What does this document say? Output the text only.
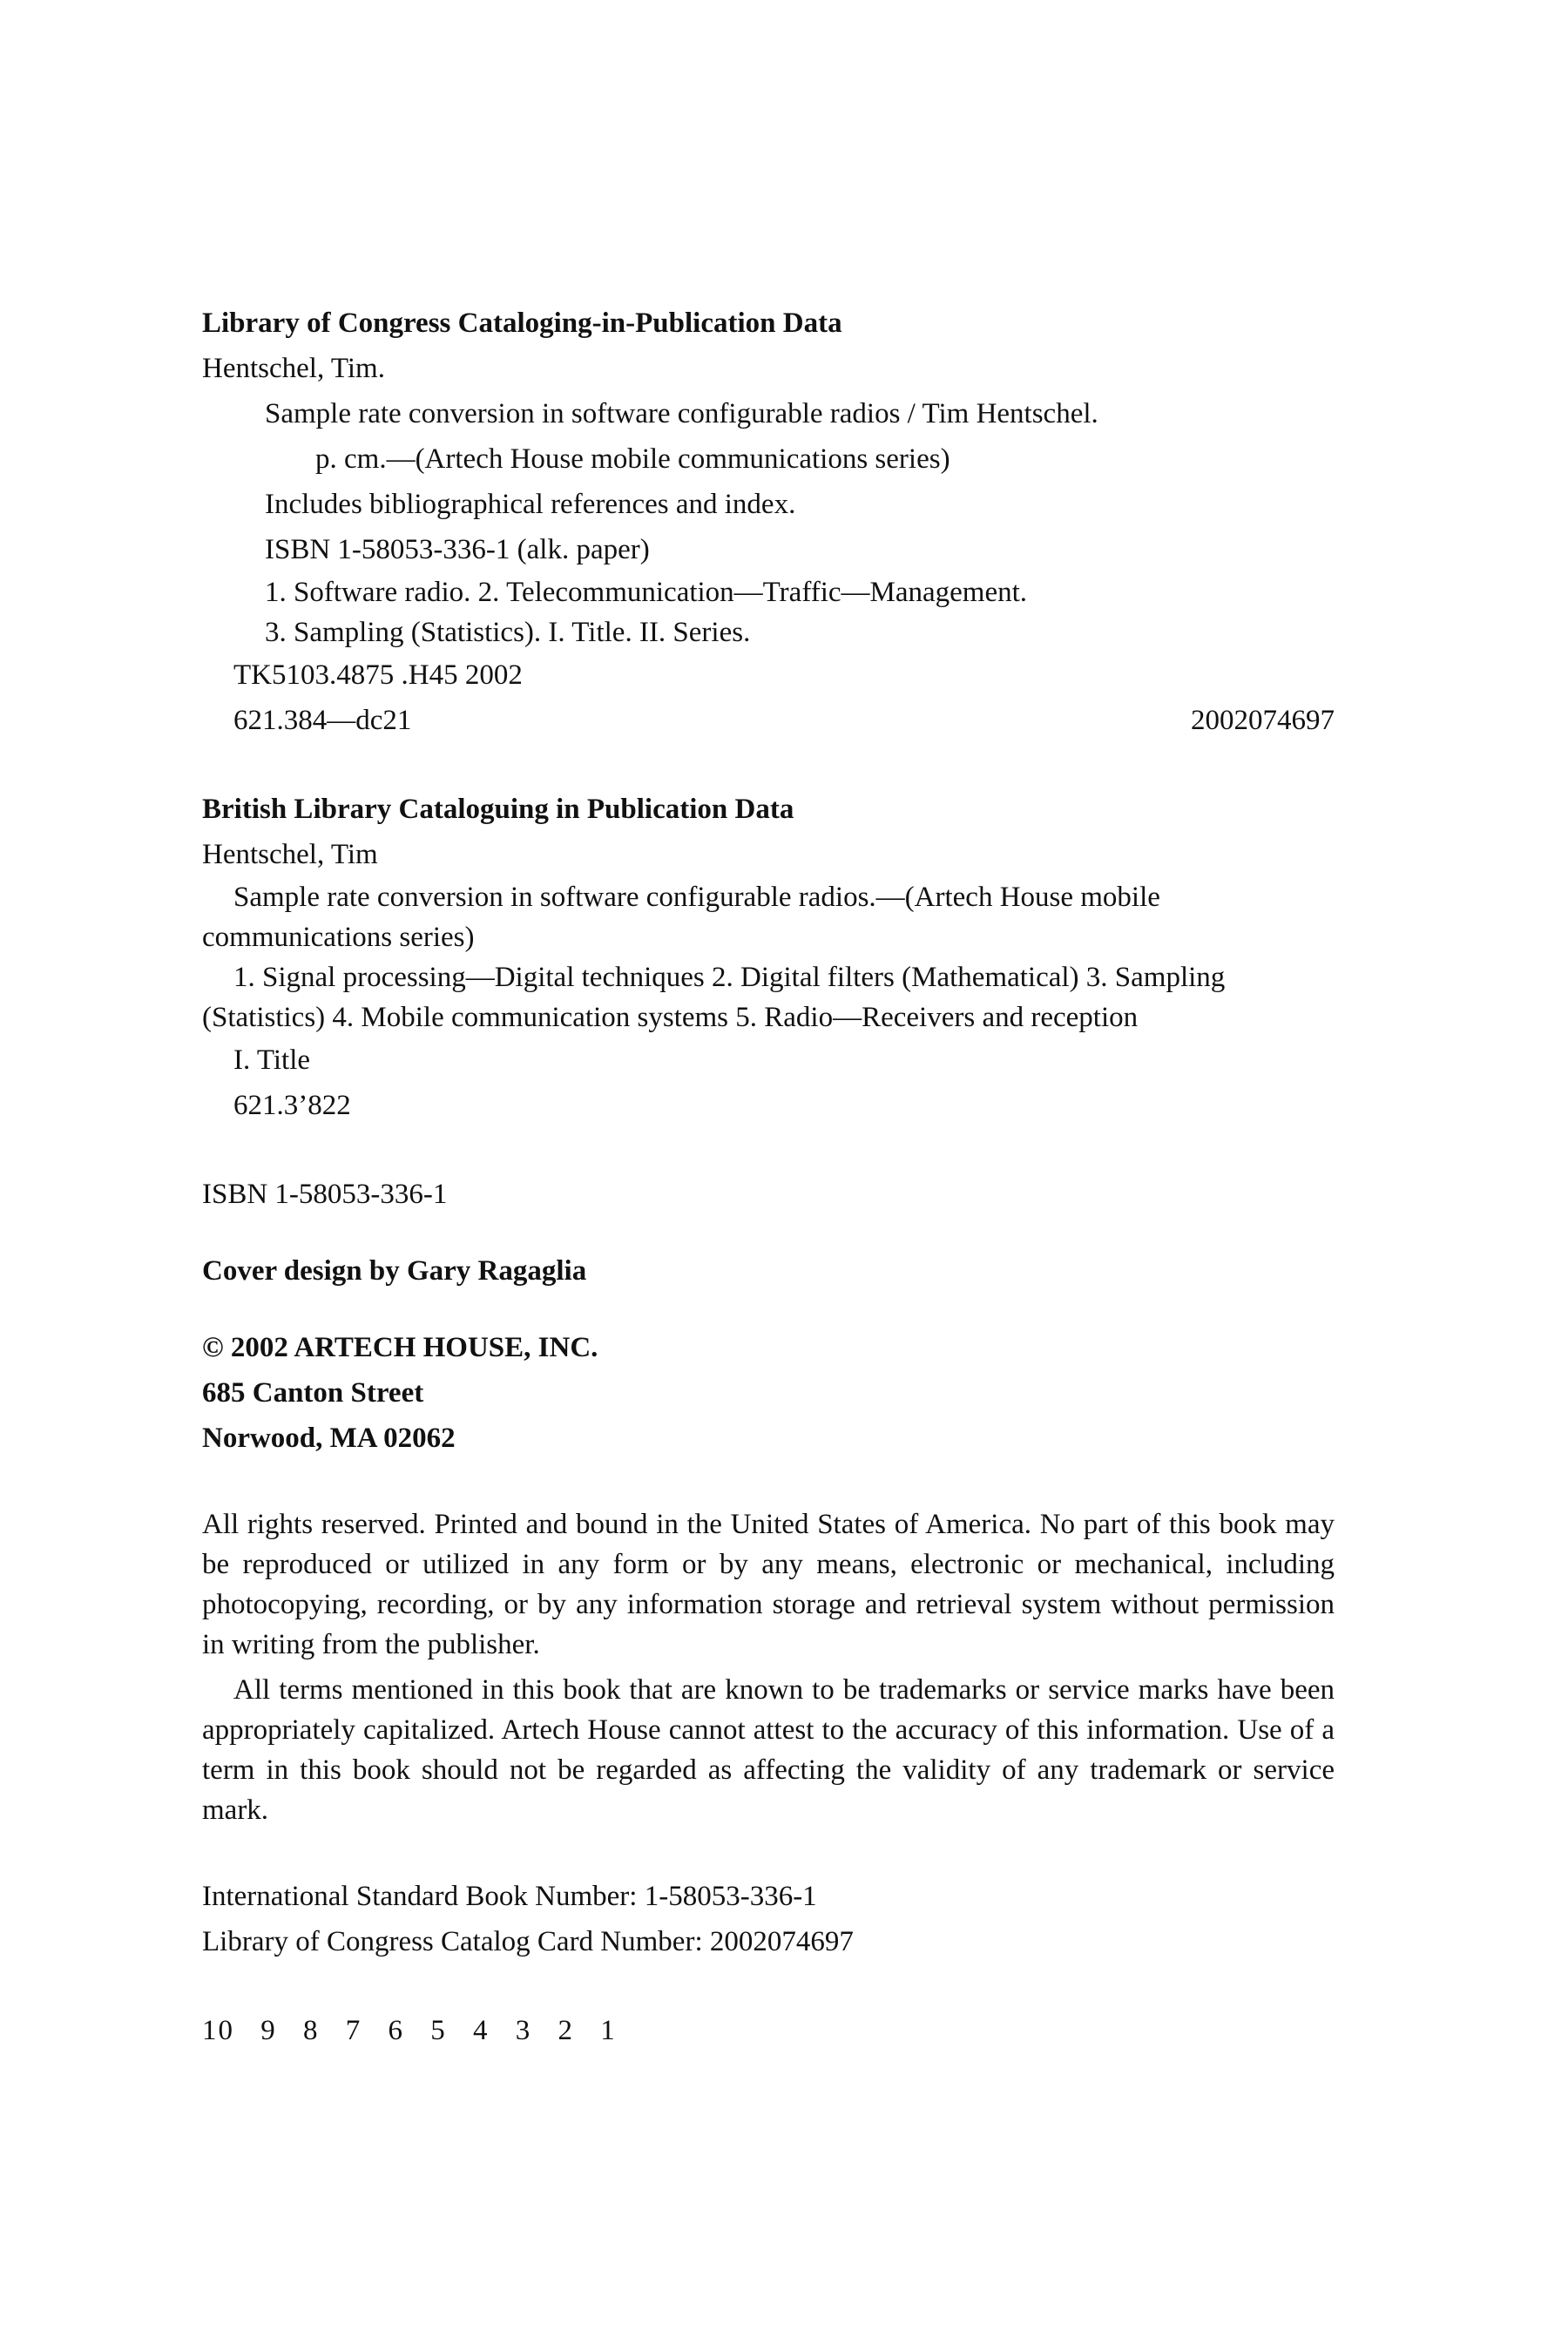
Library of Congress Cataloging-in-Publication Data
Hentschel, Tim.
Sample rate conversion in software configurable radios / Tim Hentschel.
p. cm.—(Artech House mobile communications series)
Includes bibliographical references and index.
ISBN 1-58053-336-1 (alk. paper)
1. Software radio. 2. Telecommunication—Traffic—Management.
3. Sampling (Statistics). I. Title. II. Series.
TK5103.4875 .H45 2002
621.384—dc21	2002074697
British Library Cataloguing in Publication Data
Hentschel, Tim
Sample rate conversion in software configurable radios.—(Artech House mobile communications series)
1. Signal processing—Digital techniques 2. Digital filters (Mathematical) 3. Sampling (Statistics) 4. Mobile communication systems 5. Radio—Receivers and reception
I. Title
621.3’822
ISBN 1-58053-336-1
Cover design by Gary Ragaglia
© 2002 ARTECH HOUSE, INC.
685 Canton Street
Norwood, MA 02062
All rights reserved. Printed and bound in the United States of America. No part of this book may be reproduced or utilized in any form or by any means, electronic or mechanical, including photocopying, recording, or by any information storage and retrieval system without permission in writing from the publisher.
All terms mentioned in this book that are known to be trademarks or service marks have been appropriately capitalized. Artech House cannot attest to the accuracy of this information. Use of a term in this book should not be regarded as affecting the validity of any trademark or service mark.
International Standard Book Number: 1-58053-336-1
Library of Congress Catalog Card Number: 2002074697
10 9 8 7 6 5 4 3 2 1
